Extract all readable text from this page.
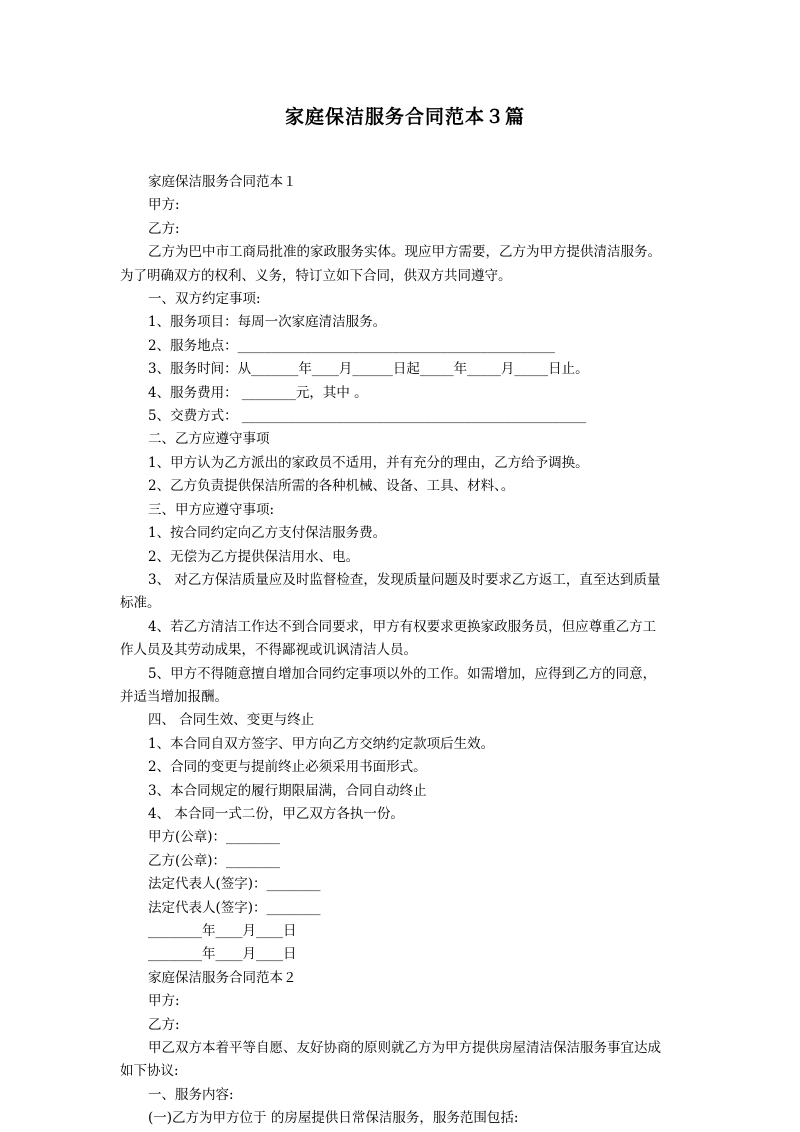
家庭保洁服务合同范本３篇
家庭保洁服务合同范本１
甲方:
乙方:
乙方为巴中市工商局批准的家政服务实体。现应甲方需要，乙方为甲方提供清洁服务。
为了明确双方的权利、义务，特订立如下合同，供双方共同遵守。
一、双方约定事项:
1、服务项目：每周一次家庭清洁服务。
2、服务地点：_______________________________________________
3、服务时间：从_______年____月______日起_____年_____月_____日止。
4、服务费用： ________元，其中 。
5、交费方式： ___________________________________________________
二、乙方应遵守事项
1、甲方认为乙方派出的家政员不适用，并有充分的理由，乙方给予调换。
2、乙方负责提供保洁所需的各种机械、设备、工具、材料、。
三、甲方应遵守事项:
1、按合同约定向乙方支付保洁服务费。
2、无偿为乙方提供保洁用水、电。
3、 对乙方保洁质量应及时监督检查，发现质量问题及时要求乙方返工，直至达到质量
标准。
4、若乙方清洁工作达不到合同要求，甲方有权要求更换家政服务员，但应尊重乙方工
作人员及其劳动成果，不得鄙视或讥讽清洁人员。
5、甲方不得随意擅自增加合同约定事项以外的工作。如需增加，应得到乙方的同意，
并适当增加报酬。
四、 合同生效、变更与终止
1、本合同自双方签字、甲方向乙方交纳约定款项后生效。
2、合同的变更与提前终止必须采用书面形式。
3、本合同规定的履行期限届满，合同自动终止
4、 本合同一式二份，甲乙双方各执一份。
甲方(公章)：________
乙方(公章)：________
法定代表人(签字)：________
法定代表人(签字)：________
________年____月____日
________年____月____日
家庭保洁服务合同范本２
甲方:
乙方:
甲乙双方本着平等自愿、友好协商的原则就乙方为甲方提供房屋清洁保洁服务事宜达成
如下协议:
一、服务内容:
(一)乙方为甲方位于 的房屋提供日常保洁服务，服务范围包括:
